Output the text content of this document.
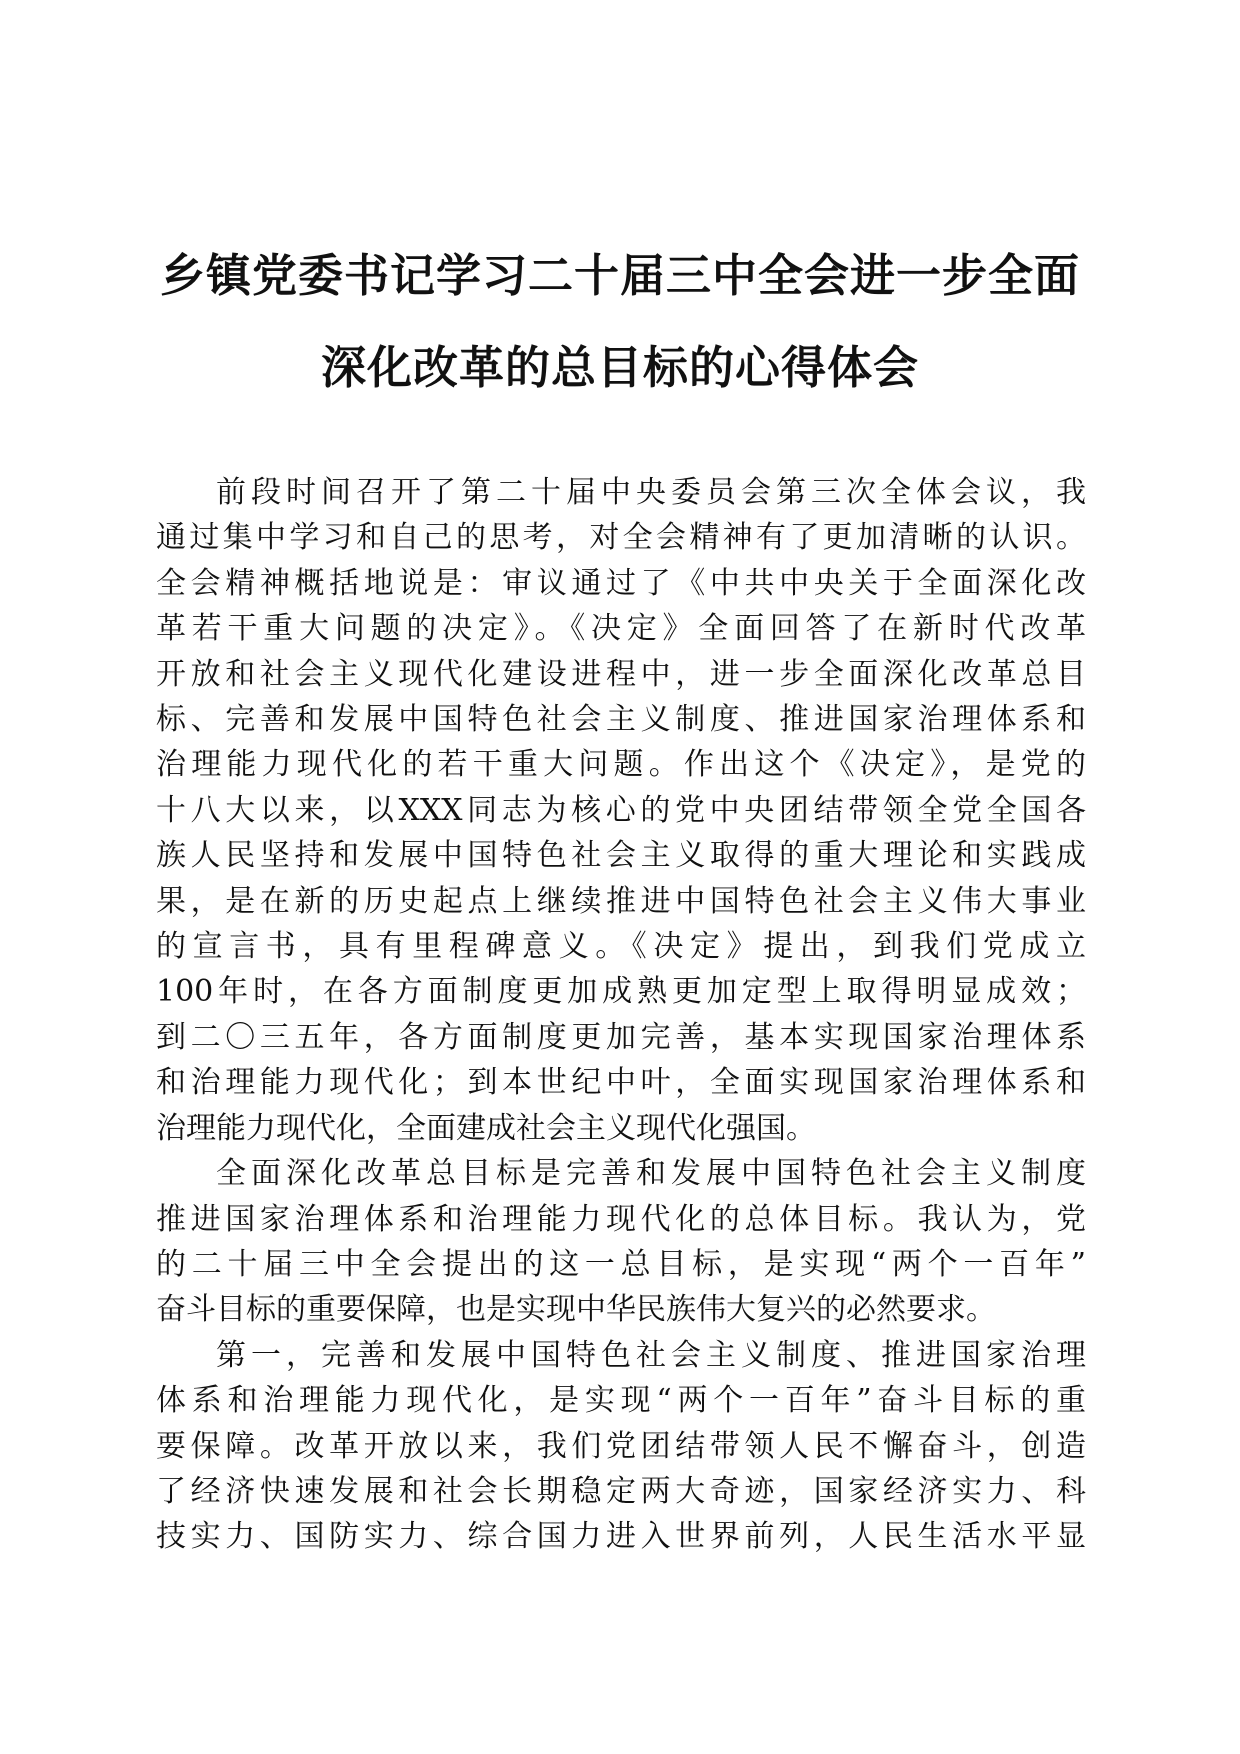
乡镇党委书记学习二十届三中全会进一步全面
深化改革的总目标的心得体会

前段时间召开了第二十届中央委员会第三次全体会议，我
通过集中学习和自己的思考，对全会精神有了更加清晰的认识。
全会精神概括地说是：审议通过了《中共中央关于全面深化改
革若干重大问题的决定》。《决定》全面回答了在新时代改革
开放和社会主义现代化建设进程中，进一步全面深化改革总目
标、完善和发展中国特色社会主义制度、推进国家治理体系和
治理能力现代化的若干重大问题。作出这个《决定》，是党的
十八大以来，以XXX同志为核心的党中央团结带领全党全国各
族人民坚持和发展中国特色社会主义取得的重大理论和实践成
果，是在新的历史起点上继续推进中国特色社会主义伟大事业
的宣言书，具有里程碑意义。《决定》提出，到我们党成立
100年时，在各方面制度更加成熟更加定型上取得明显成效；
到二〇三五年，各方面制度更加完善，基本实现国家治理体系
和治理能力现代化；到本世纪中叶，全面实现国家治理体系和
治理能力现代化，全面建成社会主义现代化强国。

全面深化改革总目标是完善和发展中国特色社会主义制度
推进国家治理体系和治理能力现代化的总体目标。我认为，党
的二十届三中全会提出的这一总目标，是实现“两个一百年”
奋斗目标的重要保障，也是实现中华民族伟大复兴的必然要求。

第一，完善和发展中国特色社会主义制度、推进国家治理
体系和治理能力现代化，是实现“两个一百年”奋斗目标的重
要保障。改革开放以来，我们党团结带领人民不懈奋斗，创造
了经济快速发展和社会长期稳定两大奇迹，国家经济实力、科
技实力、国防实力、综合国力进入世界前列，人民生活水平显
